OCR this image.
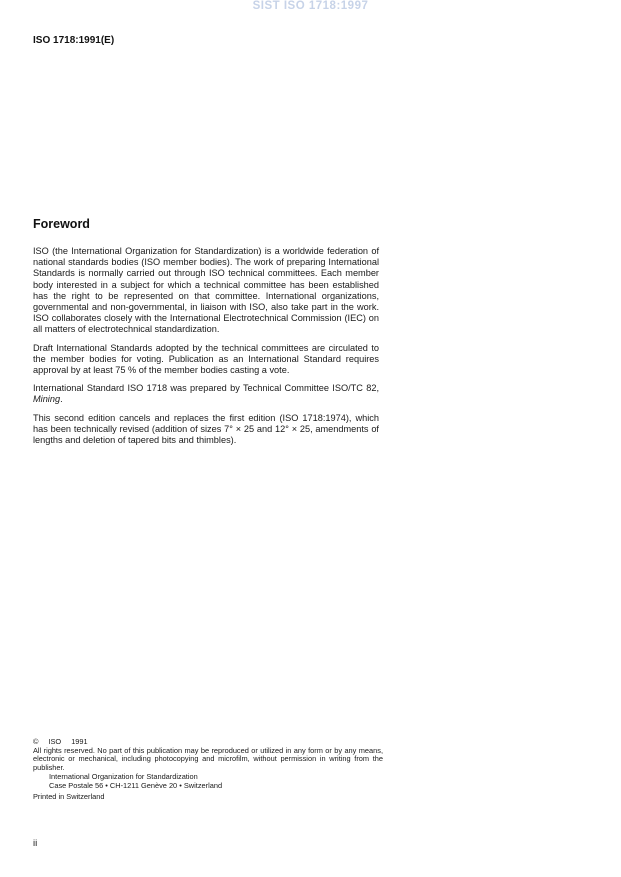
SIST ISO 1718:1997
ISO 1718:1991(E)
Foreword

ISO (the International Organization for Standardization) is a worldwide federation of national standards bodies (ISO member bodies). The work of preparing International Standards is normally carried out through ISO technical committees. Each member body interested in a subject for which a technical committee has been established has the right to be represented on that committee. International organizations, governmental and non-governmental, in liaison with ISO, also take part in the work. ISO collaborates closely with the International Electrotechnical Commission (IEC) on all matters of electrotechnical standardization.

Draft International Standards adopted by the technical committees are circulated to the member bodies for voting. Publication as an International Standard requires approval by at least 75 % of the member bodies casting a vote.

International Standard ISO 1718 was prepared by Technical Committee ISO/TC 82, Mining.

This second edition cancels and replaces the first edition (ISO 1718:1974), which has been technically revised (addition of sizes 7° × 25 and 12° × 25, amendments of lengths and deletion of tapered bits and thimbles).

© ISO 1991

All rights reserved. No part of this publication may be reproduced or utilized in any form or by any means, electronic or mechanical, including photocopying and microfilm, without permission in writing from the publisher.

International Organization for Standardization
Case Postale 56 • CH-1211 Genève 20 • Switzerland

Printed in Switzerland

ii
